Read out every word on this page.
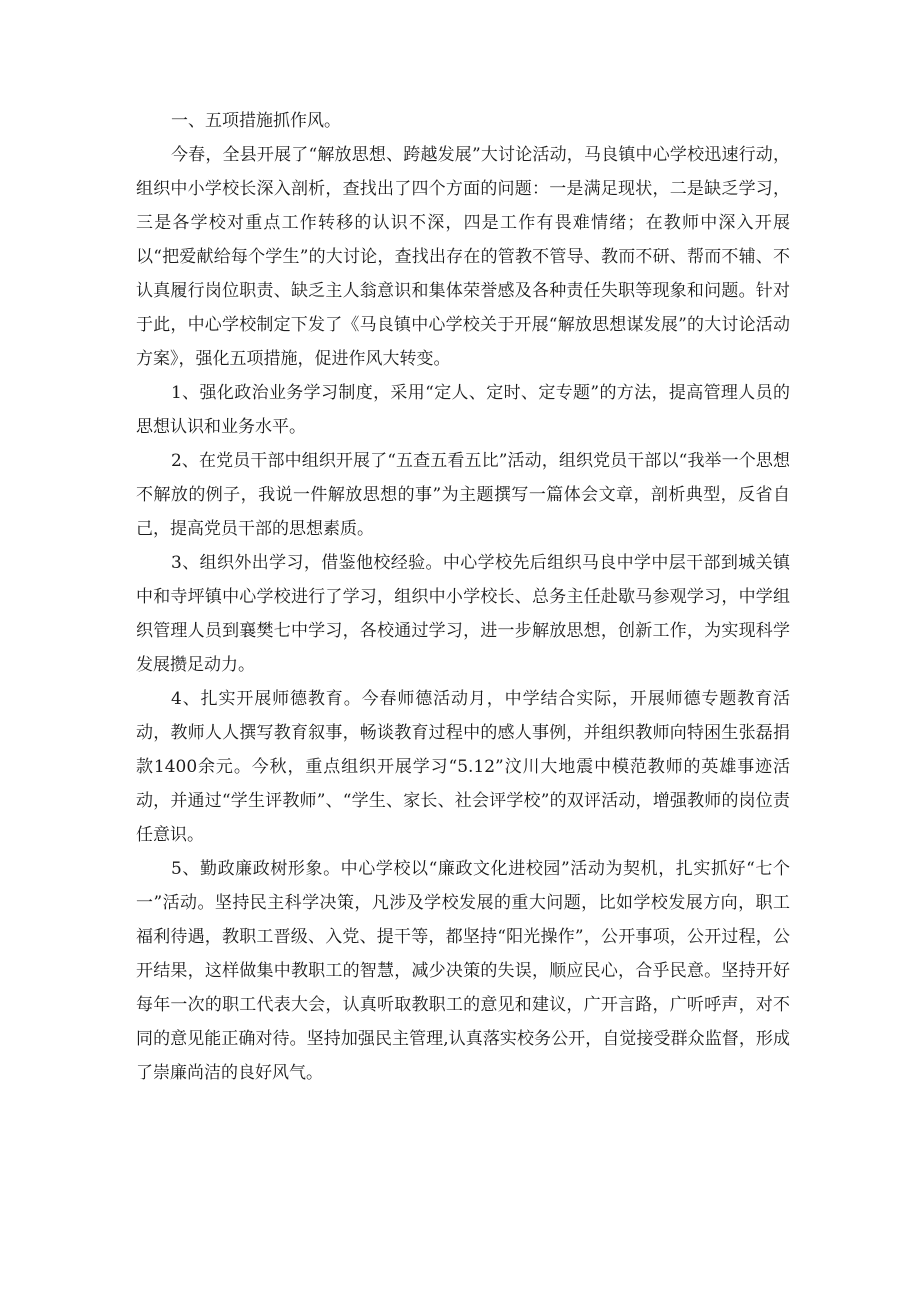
一、五项措施抓作风。

今春，全县开展了“解放思想、跨越发展”大讨论活动，马良镇中心学校迅速行动，组织中小学校长深入剖析，查找出了四个方面的问题：一是满足现状，二是缺乏学习，三是各学校对重点工作转移的认识不深，四是工作有畏难情绪；在教师中深入开展以“把爱献给每个学生”的大讨论，查找出存在的管教不管导、教而不研、帮而不辅、不认真履行岗位职责、缺乏主人翁意识和集体荣誉感及各种责任失职等现象和问题。针对于此，中心学校制定下发了《马良镇中心学校关于开展“解放思想谋发展”的大讨论活动方案》，强化五项措施，促进作风大转变。

1、强化政治业务学习制度，采用“定人、定时、定专题”的方法，提高管理人员的思想认识和业务水平。

2、在党员干部中组织开展了“五查五看五比”活动，组织党员干部以“我举一个思想不解放的例子，我说一件解放思想的事”为主题撰写一篇体会文章，剖析典型，反省自己，提高党员干部的思想素质。

3、组织外出学习，借鉴他校经验。中心学校先后组织马良中学中层干部到城关镇中和寺坪镇中心学校进行了学习，组织中小学校长、总务主任赴歇马参观学习，中学组织管理人员到襄樊七中学习，各校通过学习，进一步解放思想，创新工作，为实现科学发展攒足动力。

4、扎实开展师德教育。今春师德活动月，中学结合实际，开展师德专题教育活动，教师人人撰写教育叙事，畅谈教育过程中的感人事例，并组织教师向特困生张磊捐款1400余元。今秋，重点组织开展学习“5.12”汶川大地震中模范教师的英雄事迹活动，并通过“学生评教师”、“学生、家长、社会评学校”的双评活动，增强教师的岗位责任意识。

5、勤政廉政树形象。中心学校以“廉政文化进校园”活动为契机，扎实抓好“七个一”活动。坚持民主科学决策，凡涉及学校发展的重大问题，比如学校发展方向，职工福利待遇，教职工晋级、入党、提干等，都坚持“阳光操作”，公开事项，公开过程，公开结果，这样做集中教职工的智慧，减少决策的失误，顺应民心，合乎民意。坚持开好每年一次的职工代表大会，认真听取教职工的意见和建议，广开言路，广听呼声，对不同的意见能正确对待。坚持加强民主管理,认真落实校务公开，自觉接受群众监督，形成了崇廉尚洁的良好风气。
